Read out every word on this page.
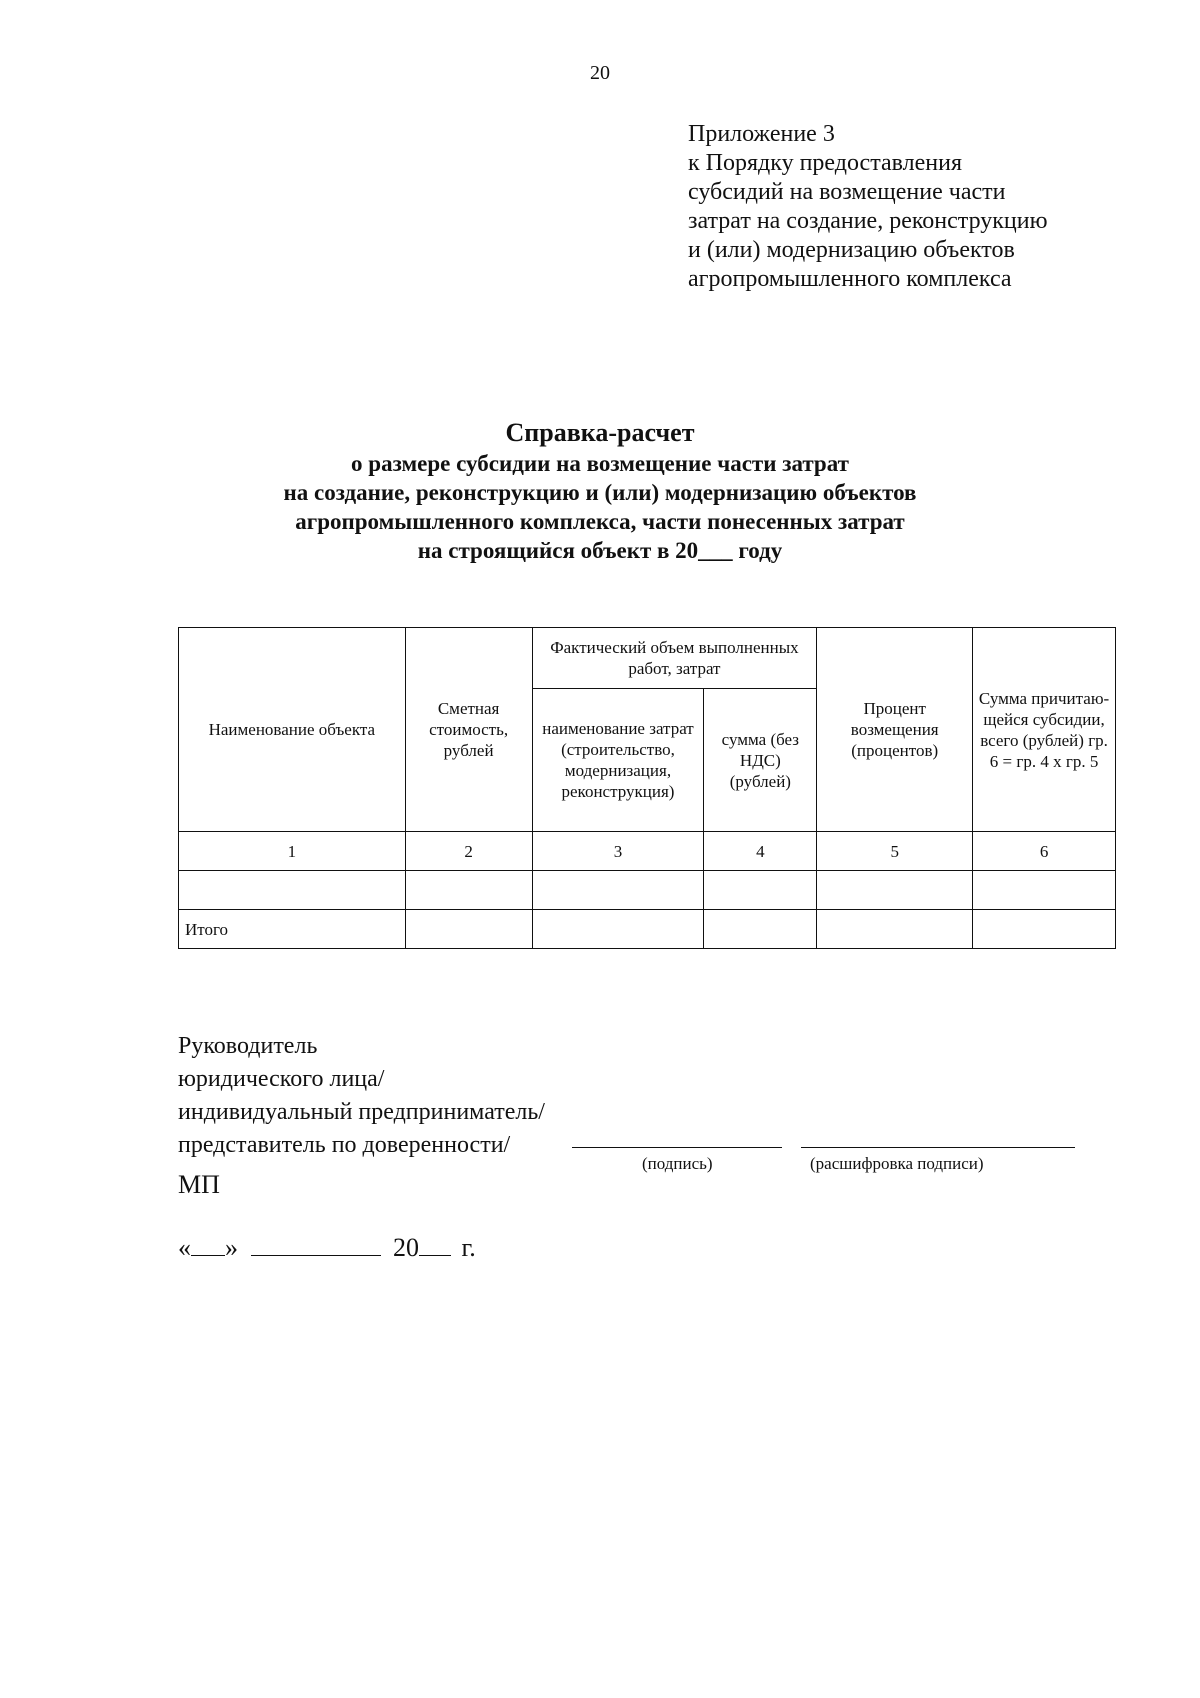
20
Приложение 3
к Порядку предоставления
субсидий на возмещение части
затрат на создание, реконструкцию
и (или) модернизацию объектов
агропромышленного комплекса
Справка-расчет
о размере субсидии на возмещение части затрат
на создание, реконструкцию и (или) модернизацию объектов
агропромышленного комплекса, части понесенных затрат
на строящийся объект в 20___ году
Наименование объекта	Сметная стоимость, рублей	Фактический объем выполненных работ, затрат		Процент возмещения (процентов)	Сумма причитаю-щейся субсидии, всего (рублей) гр. 6 = гр. 4 х гр. 5
		наименование затрат (строительство, модернизация, реконструкция)	сумма (без НДС) (рублей)		
1	2	3	4	5	6

Итого					
Руководитель
юридического лица/
индивидуальный предприниматель/
представитель по доверенности/
(подпись)	(расшифровка подписи)
МП
« »	20 г.
